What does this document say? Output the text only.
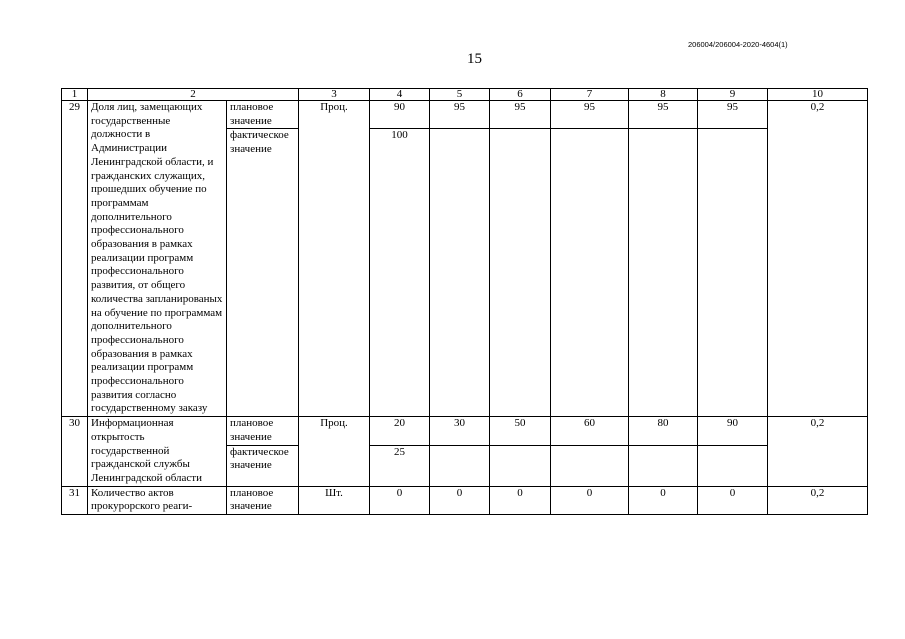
206004/206004-2020-4604(1)
15
1	2		3	4	5	6	7	8	9	10
29	Доля лиц, замещающих государственные должности в Администрации Ленинградской области, и гражданских служащих, прошедших обучение по программам дополнительного профессионального образования в рамках реализации программ профессионального развития, от общего количества запланированых на обучение по программам дополнительного профессионального образования в рамках реализации программ профессионального развития согласно государственному заказу	плановое значение	Проц.	90	95	95	95	95	95	0,2
		фактическое значение		100						
30	Информационная открытость государственной гражданской службы Ленинградской области	плановое значение	Проц.	20	30	50	60	80	90	0,2
		фактическое значение		25						
31	Количество актов прокурорского реаги-	плановое значение	Шт.	0	0	0	0	0	0	0,2
